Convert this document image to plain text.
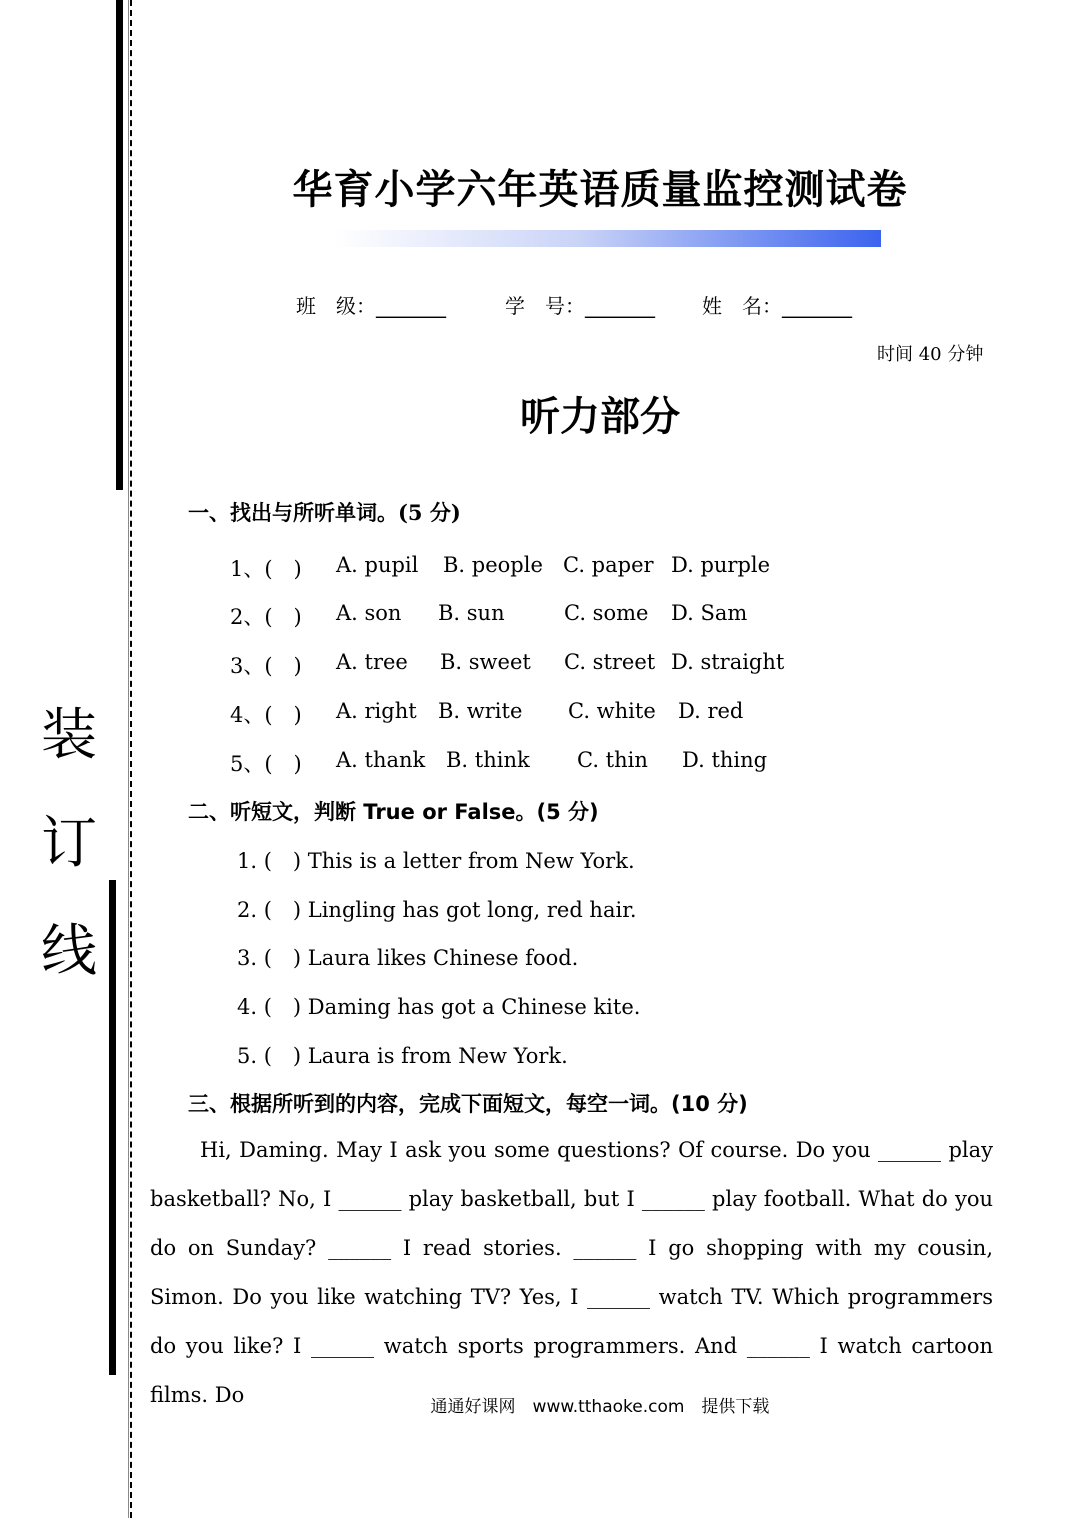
装
订
线
华育小学六年英语质量监控测试卷
班　级：_______	学　号：_______ 姓　名：_______
时间 40 分钟
听力部分
一、找出与所听单词。(5 分)
1、(　) A. pupil B. people C. paper D. purple
2、(　) A. son B. sun	C. some D. Sam
3、(　) A. tree B. sweet C. street D. straight
4、(　) A. right B. write C. white D. red
5、(　) A. thank B. think C. thin D. thing
二、听短文，判断 True or False。(5 分)
1. (　) This is a letter from New York.
2. (　) Lingling has got long, red hair.
3. (　) Laura likes Chinese food.
4. (　) Daming has got a Chinese kite.
5. (　) Laura is from New York.
三、根据所听到的内容，完成下面短文，每空一词。(10 分)
Hi, Daming. May I ask you some questions? Of course. Do you ______ play basketball? No, I ______ play basketball, but I ______ play football. What do you do on Sunday? ______ I read stories. ______ I go shopping with my cousin, Simon. Do you like watching TV? Yes, I ______ watch TV. Which programmers do you like? I ______ watch sports programmers. And ______ I watch cartoon films. Do	通通好课网　www.tthaoke.com　提供下载
